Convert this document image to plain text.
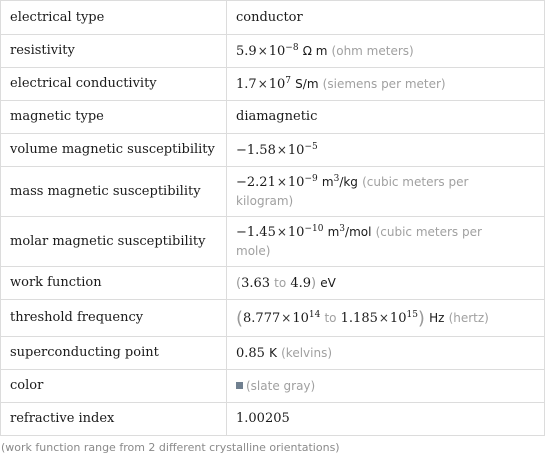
electrical type	conductor
resistivity	$5.9\times 10^{-8}$ Ω m (ohm meters)
electrical conductivity	$1.7\times 10^7$ S/m (siemens per meter)
magnetic type	diamagnetic
volume magnetic susceptibility	$-1.58\times 10^{-5}$
mass magnetic susceptibility	$-2.21\times 10^{-9}$ $m^3/kg$ (cubic meters per
kilogram)
molar magnetic susceptibility	$-1.45\times 10^{-10}$ $m^3$/mol (cubic meters per
mole)
work function	(3.63 to 4.9) eV
threshold frequency	($8.777\times 10^{14}$ to $1.185\times 10^{15}$) Hz (hertz)
superconducting point	0.85 K (kelvins)
color	(slate gray)
refractive index	1.00205
(work function range from 2 different crystalline orientations)
